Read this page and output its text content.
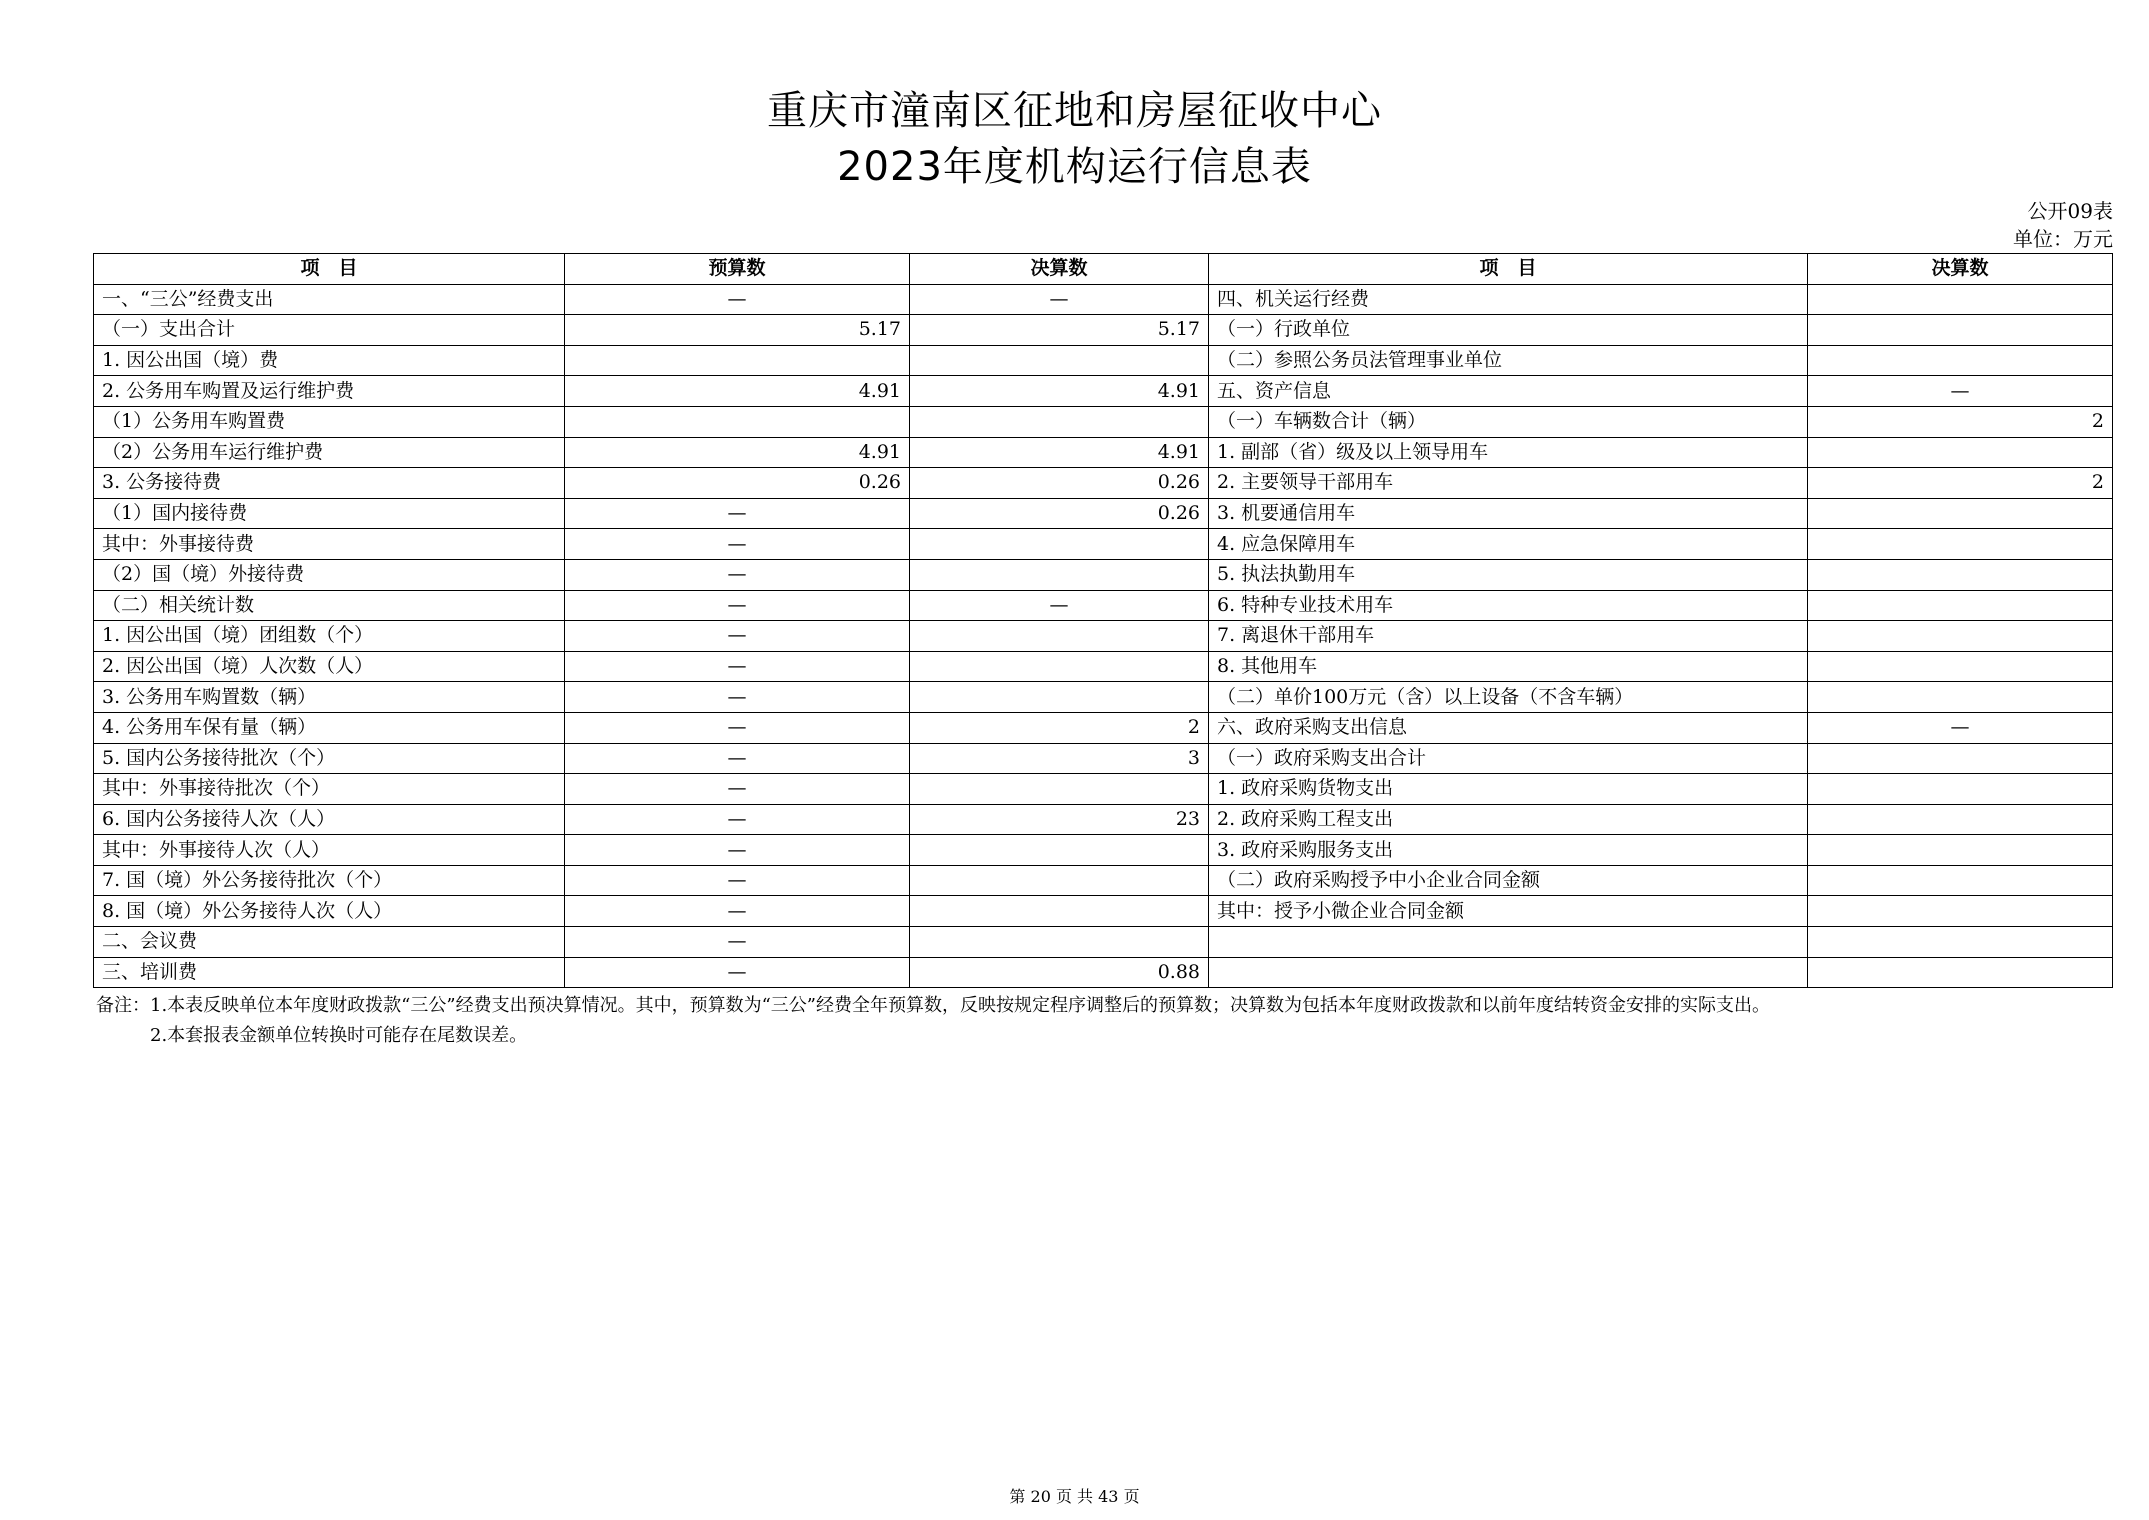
重庆市潼南区征地和房屋征收中心
2023年度机构运行信息表
公开09表
单位：万元
项　目	预算数	决算数	项　目	决算数
一、“三公”经费支出	—	—	四、机关运行经费	
（一）支出合计	5.17	5.17	（一）行政单位	
1. 因公出国（境）费			（二）参照公务员法管理事业单位	
2. 公务用车购置及运行维护费	4.91	4.91	五、资产信息	—
（1）公务用车购置费			（一）车辆数合计（辆）	2
（2）公务用车运行维护费	4.91	4.91	1. 副部（省）级及以上领导用车	
3. 公务接待费	0.26	0.26	2. 主要领导干部用车	2
（1）国内接待费	—	0.26	3. 机要通信用车	
其中：外事接待费	—		4. 应急保障用车	
（2）国（境）外接待费	—		5. 执法执勤用车	
（二）相关统计数	—	—	6. 特种专业技术用车	
1. 因公出国（境）团组数（个）	—		7. 离退休干部用车	
2. 因公出国（境）人次数（人）	—		8. 其他用车	
3. 公务用车购置数（辆）	—		（二）单价100万元（含）以上设备（不含车辆）	
4. 公务用车保有量（辆）	—	2	六、政府采购支出信息	—
5. 国内公务接待批次（个）	—	3	（一）政府采购支出合计	
其中：外事接待批次（个）	—		1. 政府采购货物支出	
6. 国内公务接待人次（人）	—	23	2. 政府采购工程支出	
其中：外事接待人次（人）	—		3. 政府采购服务支出	
7. 国（境）外公务接待批次（个）	—		（二）政府采购授予中小企业合同金额	
8. 国（境）外公务接待人次（人）	—		其中：授予小微企业合同金额	
二、会议费	—			
三、培训费	—	0.88		
备注：1.本表反映单位本年度财政拨款“三公”经费支出预决算情况。其中，预算数为“三公”经费全年预算数，反映按规定程序调整后的预算数；决算数为包括本年度财政拨款和以前年度结转资金安排的实际支出。
2.本套报表金额单位转换时可能存在尾数误差。
第 20 页 共 43 页
